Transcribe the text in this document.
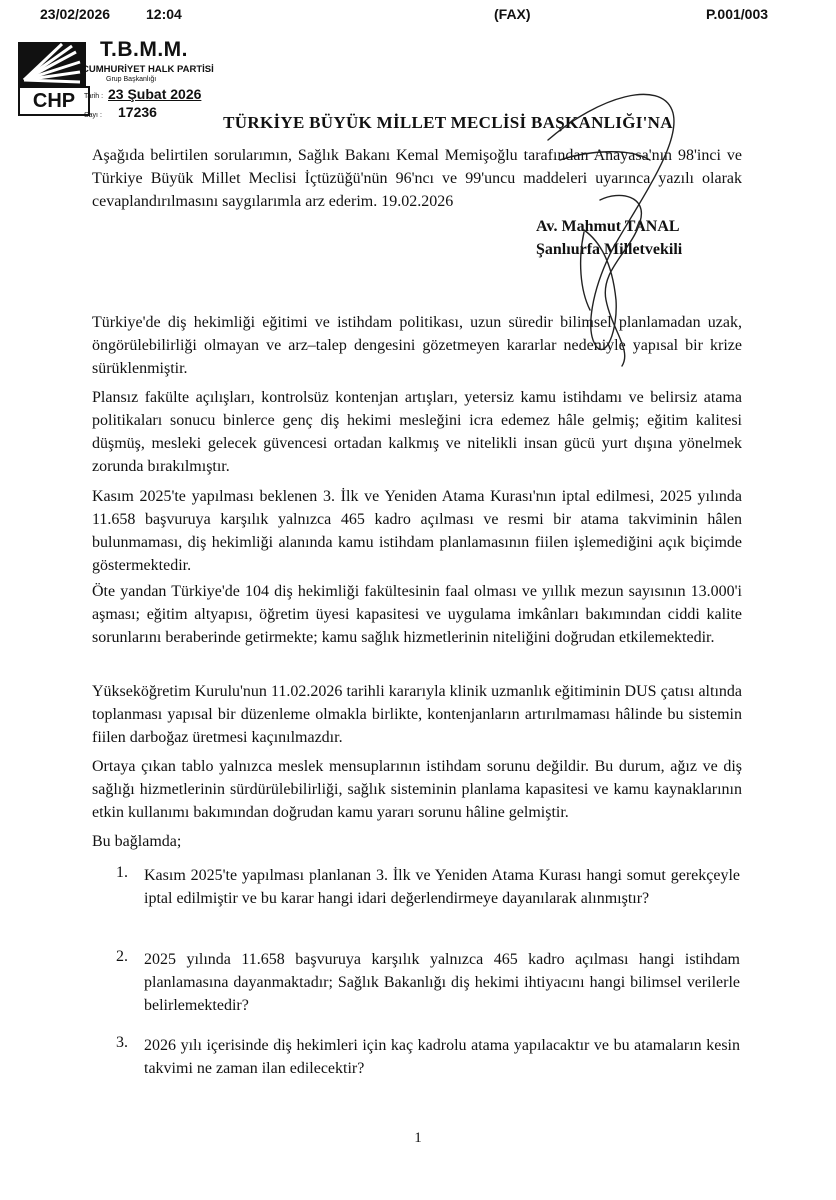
23/02/2026	12:04	(FAX)	P.001/003
CHP
T.B.M.M.
CUMHURİYET HALK PARTİSİ
Grup Başkanlığı
Tarih : 23 Şubat 2026
Sayı : 17236
TÜRKİYE BÜYÜK MİLLET MECLİSİ BAŞKANLIĞI'NA
Aşağıda belirtilen sorularımın, Sağlık Bakanı Kemal Memişoğlu tarafından Anayasa'nın 98'inci ve Türkiye Büyük Millet Meclisi İçtüzüğü'nün 96'ncı ve 99'uncu maddeleri uyarınca yazılı olarak cevaplandırılmasını saygılarımla arz ederim. 19.02.2026
Av. Mahmut TANAL
Şanlıurfa Milletvekili
Türkiye'de diş hekimliği eğitimi ve istihdam politikası, uzun süredir bilimsel planlamadan uzak, öngörülebilirliği olmayan ve arz–talep dengesini gözetmeyen kararlar nedeniyle yapısal bir krize sürüklenmiştir.
Plansız fakülte açılışları, kontrolsüz kontenjan artışları, yetersiz kamu istihdamı ve belirsiz atama politikaları sonucu binlerce genç diş hekimi mesleğini icra edemez hâle gelmiş; eğitim kalitesi düşmüş, mesleki gelecek güvencesi ortadan kalkmış ve nitelikli insan gücü yurt dışına yönelmek zorunda bırakılmıştır.
Kasım 2025'te yapılması beklenen 3. İlk ve Yeniden Atama Kurası'nın iptal edilmesi, 2025 yılında 11.658 başvuruya karşılık yalnızca 465 kadro açılması ve resmi bir atama takviminin hâlen bulunmaması, diş hekimliği alanında kamu istihdam planlamasının fiilen işlemediğini açık biçimde göstermektedir.
Öte yandan Türkiye'de 104 diş hekimliği fakültesinin faal olması ve yıllık mezun sayısının 13.000'i aşması; eğitim altyapısı, öğretim üyesi kapasitesi ve uygulama imkânları bakımından ciddi kalite sorunlarını beraberinde getirmekte; kamu sağlık hizmetlerinin niteliğini doğrudan etkilemektedir.
Yükseköğretim Kurulu'nun 11.02.2026 tarihli kararıyla klinik uzmanlık eğitiminin DUS çatısı altında toplanması yapısal bir düzenleme olmakla birlikte, kontenjanların artırılmaması hâlinde bu sistemin fiilen darboğaz üretmesi kaçınılmazdır.
Ortaya çıkan tablo yalnızca meslek mensuplarının istihdam sorunu değildir. Bu durum, ağız ve diş sağlığı hizmetlerinin sürdürülebilirliği, sağlık sisteminin planlama kapasitesi ve kamu kaynaklarının etkin kullanımı bakımından doğrudan kamu yararı sorunu hâline gelmiştir.
Bu bağlamda;
1. Kasım 2025'te yapılması planlanan 3. İlk ve Yeniden Atama Kurası hangi somut gerekçeyle iptal edilmiştir ve bu karar hangi idari değerlendirmeye dayanılarak alınmıştır?
2. 2025 yılında 11.658 başvuruya karşılık yalnızca 465 kadro açılması hangi istihdam planlamasına dayanmaktadır; Sağlık Bakanlığı diş hekimi ihtiyacını hangi bilimsel verilerle belirlemektedir?
3. 2026 yılı içerisinde diş hekimleri için kaç kadrolu atama yapılacaktır ve bu atamaların kesin takvimi ne zaman ilan edilecektir?
1
